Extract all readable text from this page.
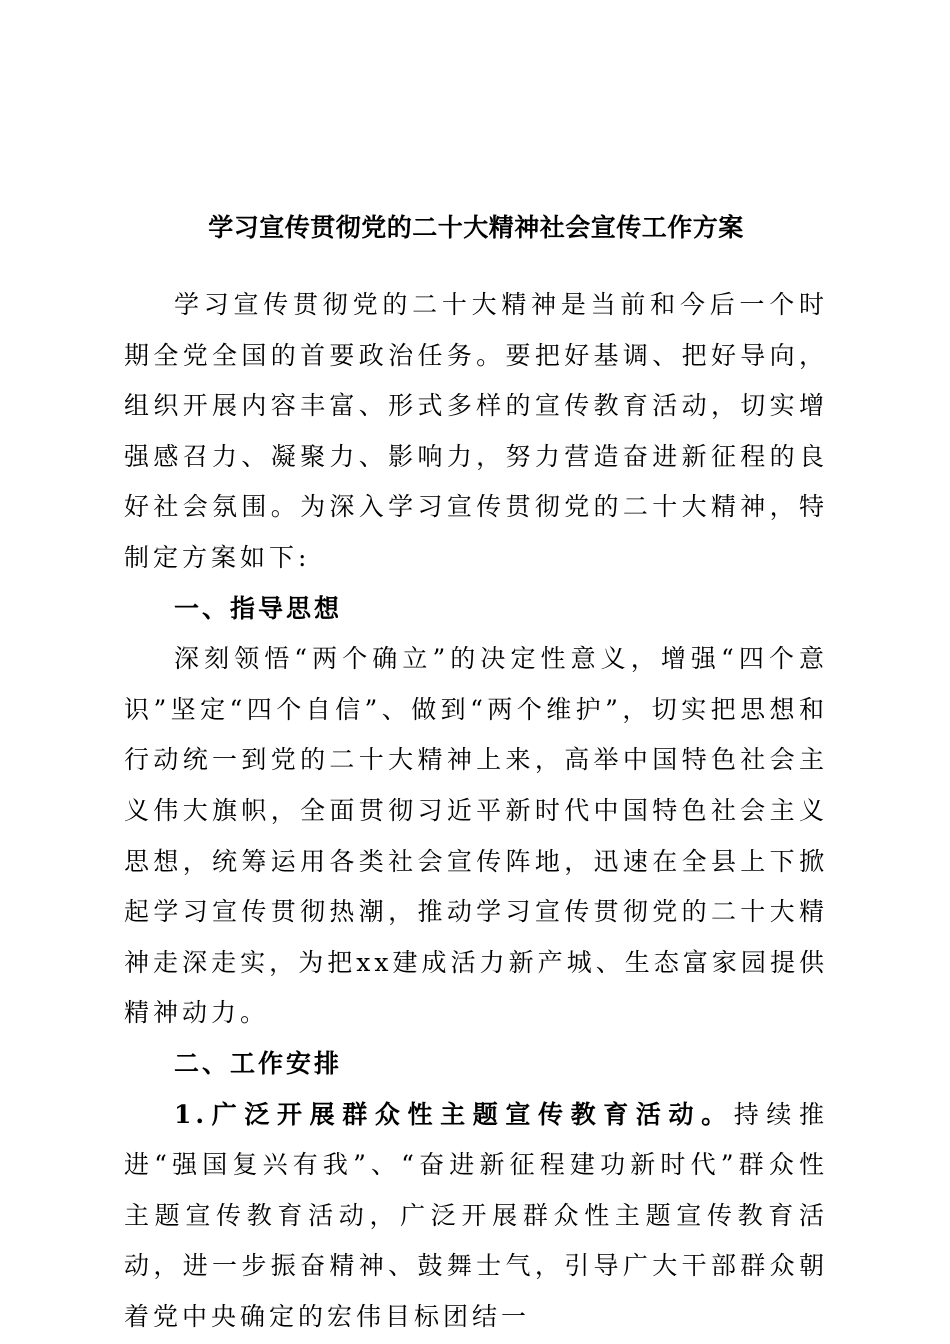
学习宣传贯彻党的二十大精神社会宣传工作方案

学习宣传贯彻党的二十大精神是当前和今后一个时期全党全国的首要政治任务。要把好基调、把好导向，组织开展内容丰富、形式多样的宣传教育活动，切实增强感召力、凝聚力、影响力，努力营造奋进新征程的良好社会氛围。为深入学习宣传贯彻党的二十大精神，特制定方案如下:

一、指导思想

深刻领悟“两个确立”的决定性意义，增强“四个意识”坚定“四个自信”、做到“两个维护”，切实把思想和行动统一到党的二十大精神上来，高举中国特色社会主义伟大旗帜，全面贯彻习近平新时代中国特色社会主义思想，统筹运用各类社会宣传阵地，迅速在全县上下掀起学习宣传贯彻热潮，推动学习宣传贯彻党的二十大精神走深走实，为把xx建成活力新产城、生态富家园提供精神动力。

二、工作安排

1.广泛开展群众性主题宣传教育活动。持续推进“强国复兴有我”、“奋进新征程建功新时代”群众性主题宣传教育活动，广泛开展群众性主题宣传教育活动，进一步振奋精神、鼓舞士气，引导广大干部群众朝着党中央确定的宏伟目标团结一
